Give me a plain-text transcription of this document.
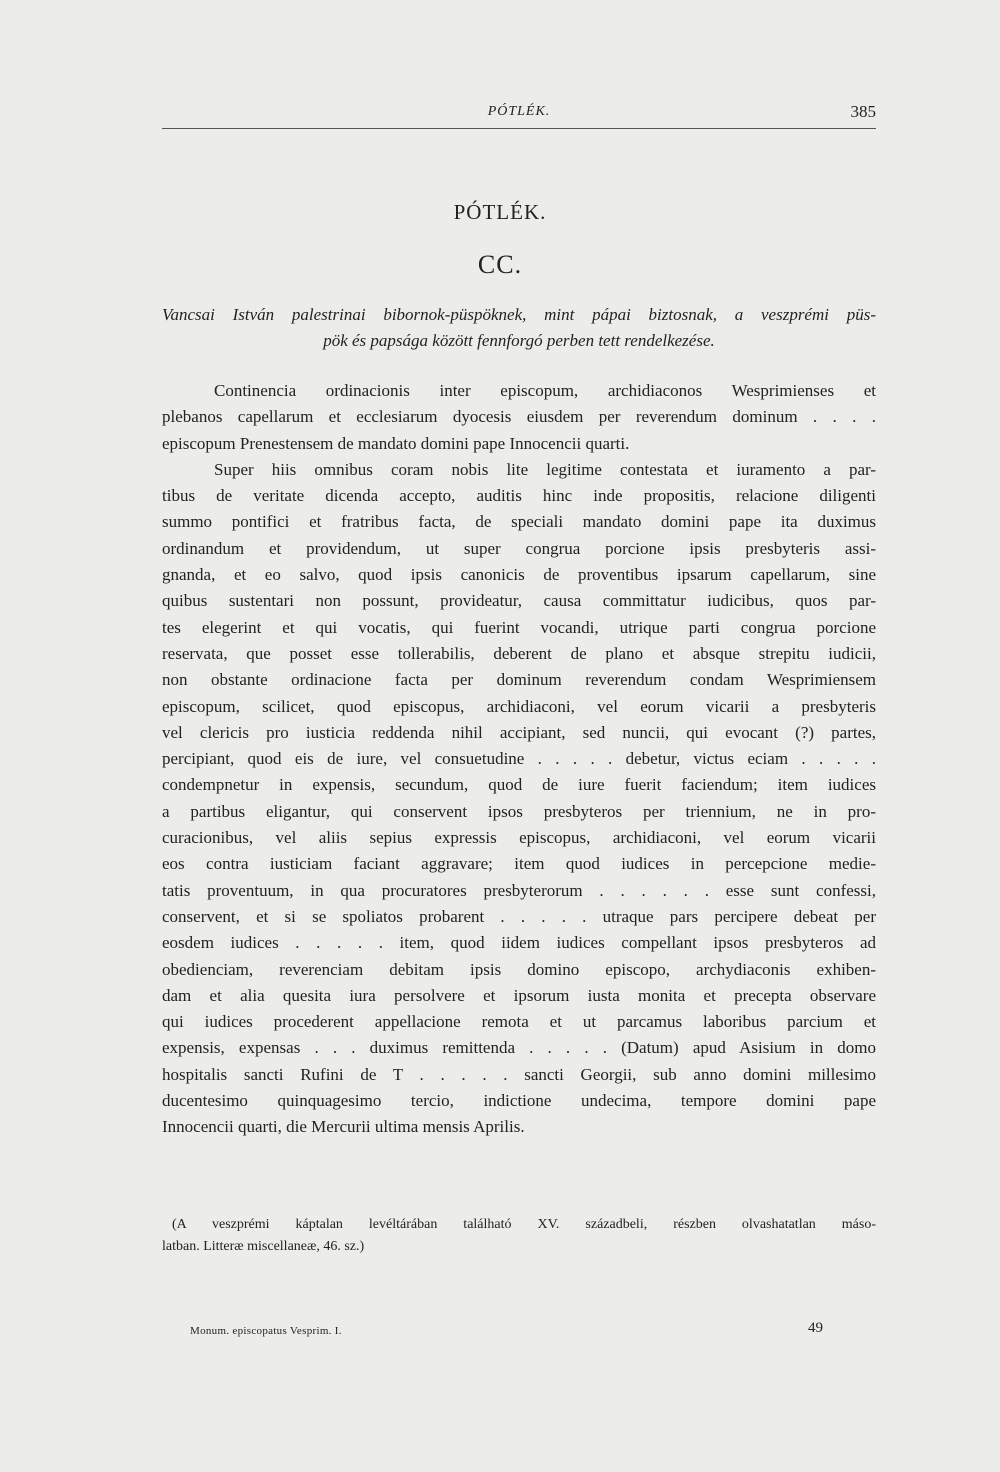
PÓTLÉK.	385
PÓTLÉK.
CC.
Vancsai István palestrinai bibornok-püspöknek, mint pápai biztosnak, a veszprémi püs-
pök és papsága között fennforgó perben tett rendelkezése.
Continencia ordinacionis inter episcopum, archidiaconos Wesprimienses et
plebanos capellarum et ecclesiarum dyocesis eiusdem per reverendum dominum . . . .
episcopum Prenestensem de mandato domini pape Innocencii quarti.
Super hiis omnibus coram nobis lite legitime contestata et iuramento a par-
tibus de veritate dicenda accepto, auditis hinc inde propositis, relacione diligenti
summo pontifici et fratribus facta, de speciali mandato domini pape ita duximus
ordinandum et providendum, ut super congrua porcione ipsis presbyteris assi-
gnanda, et eo salvo, quod ipsis canonicis de proventibus ipsarum capellarum, sine
quibus sustentari non possunt, provideatur, causa committatur iudicibus, quos par-
tes elegerint et qui vocatis, qui fuerint vocandi, utrique parti congrua porcione
reservata, que posset esse tollerabilis, deberent de plano et absque strepitu iudicii,
non obstante ordinacione facta per dominum reverendum condam Wesprimiensem
episcopum, scilicet, quod episcopus, archidiaconi, vel eorum vicarii a presbyteris
vel clericis pro iusticia reddenda nihil accipiant, sed nuncii, qui evocant (?) partes,
percipiant, quod eis de iure, vel consuetudine . . . . . debetur, victus eciam . . . . .
condempnetur in expensis, secundum, quod de iure fuerit faciendum; item iudices
a partibus eligantur, qui conservent ipsos presbyteros per triennium, ne in pro-
curacionibus, vel aliis sepius expressis episcopus, archidiaconi, vel eorum vicarii
eos contra iusticiam faciant aggravare; item quod iudices in percepcione medie-
tatis proventuum, in qua procuratores presbyterorum . . . . . . esse sunt confessi,
conservent, et si se spoliatos probarent . . . . . utraque pars percipere debeat per
eosdem iudices . . . . . item, quod iidem iudices compellant ipsos presbyteros ad
obedienciam, reverenciam debitam ipsis domino episcopo, archydiaconis exhiben-
dam et alia quesita iura persolvere et ipsorum iusta monita et precepta observare
qui iudices procederent appellacione remota et ut parcamus laboribus parcium et
expensis, expensas . . . duximus remittenda . . . . . (Datum) apud Asisium in domo
hospitalis sancti Rufini de T . . . . . sancti Georgii, sub anno domini millesimo
ducentesimo quinquagesimo tercio, indictione undecima, tempore domini pape
Innocencii quarti, die Mercurii ultima mensis Aprilis.
(A veszprémi káptalan levéltárában található XV. századbeli, részben olvashatatlan máso-
latban. Litteræ miscellaneæ, 46. sz.)
Monum. episcopatus Vesprim. I.	49
